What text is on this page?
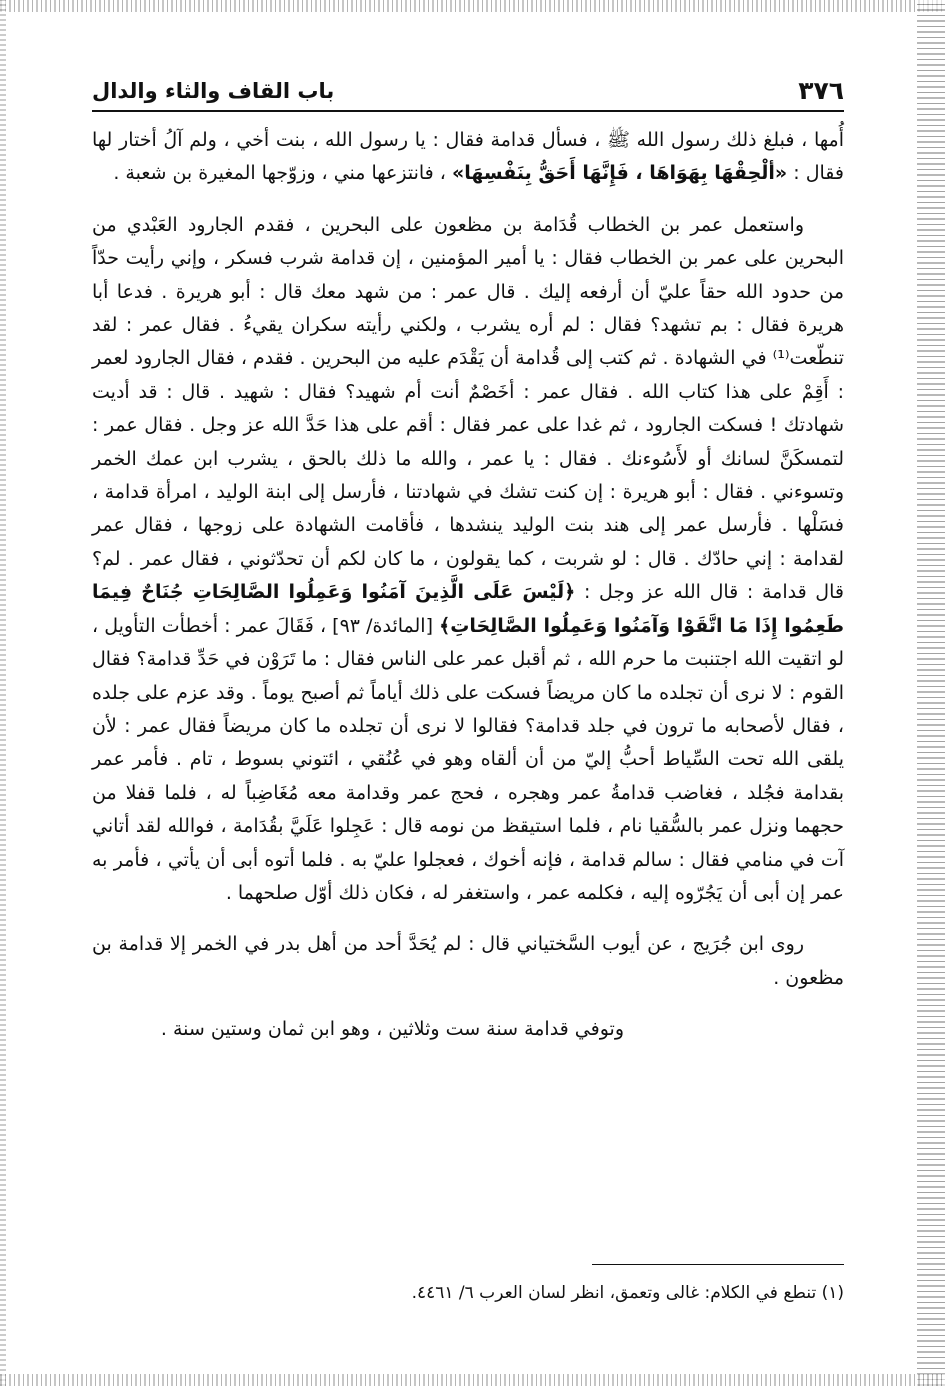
٣٧٦
باب القاف والثاء والدال

أُمها ، فبلغ ذلك رسول الله ﷺ ، فسأل قدامة فقال : يا رسول الله ، بنت أخي ، ولم آلُ أختار لها فقال : «ألْحِقْهَا بِهَوَاهَا ، فَإِنَّهَا أَحَقُّ بِنَفْسِهَا» ، فانتزعها مني ، وزوّجها المغيرة بن شعبة .

واستعمل عمر بن الخطاب قُدَامة بن مظعون على البحرين ، فقدم الجارود العَبْدي من البحرين على عمر بن الخطاب فقال : يا أمير المؤمنين ، إن قدامة شرب فسكر ، وإني رأيت حدّاً من حدود الله حقاً عليّ أن أرفعه إليك . قال عمر : من شهد معك قال : أبو هريرة . فدعا أبا هريرة فقال : بم تشهد؟ فقال : لم أره يشرب ، ولكني رأيته سكران يقيءُ . فقال عمر : لقد تنطّعت⁽¹⁾ في الشهادة . ثم كتب إلى قُدامة أن يَقْدَم عليه من البحرين . فقدم ، فقال الجارود لعمر : أَقِمْ على هذا كتاب الله . فقال عمر : أخَصْمٌ أنت أم شهيد؟ فقال : شهيد . قال : قد أديت شهادتك ! فسكت الجارود ، ثم غدا على عمر فقال : أقم على هذا حَدَّ الله عز وجل . فقال عمر : لتمسكَنَّ لسانك أو لأَسُوءنك . فقال : يا عمر ، والله ما ذلك بالحق ، يشرب ابن عمك الخمر وتسوءني . فقال : أبو هريرة : إن كنت تشك في شهادتنا ، فأرسل إلى ابنة الوليد ، امرأة قدامة ، فسَلْها . فأرسل عمر إلى هند بنت الوليد ينشدها ، فأقامت الشهادة على زوجها ، فقال عمر لقدامة : إني حادّك . قال : لو شربت ، كما يقولون ، ما كان لكم أن تحدّثوني ، فقال عمر . لم؟ قال قدامة : قال الله عز وجل : ﴿لَيْسَ عَلَى الَّذِينَ آمَنُوا وَعَمِلُوا الصَّالِحَاتِ جُنَاحٌ فِيمَا طَعِمُوا إِذَا مَا اتَّقَوْا وَآمَنُوا وَعَمِلُوا الصَّالِحَاتِ﴾ [المائدة/ ٩٣] ، فَقَالَ عمر : أخطأت التأويل ، لو اتقيت الله اجتنبت ما حرم الله ، ثم أقبل عمر على الناس فقال : ما تَرَوْن في حَدِّ قدامة؟ فقال القوم : لا نرى أن تجلده ما كان مريضاً فسكت على ذلك أياماً ثم أصبح يوماً . وقد عزم على جلده ، فقال لأصحابه ما ترون في جلد قدامة؟ فقالوا لا نرى أن تجلده ما كان مريضاً فقال عمر : لأن يلقى الله تحت السِّياط أحبُّ إليّ من أن ألقاه وهو في عُنُقي ، ائتوني بسوط ، تام . فأمر عمر بقدامة فجُلد ، فغاضب قدامةُ عمر وهجره ، فحج عمر وقدامة معه مُغَاضِباً له ، فلما قفلا من حجهما ونزل عمر بالسُّقيا نام ، فلما استيقظ من نومه قال : عَجِلوا عَلَيَّ بقُدَامة ، فوالله لقد أتاني آت في منامي فقال : سالم قدامة ، فإنه أخوك ، فعجلوا عليّ به . فلما أتوه أبى أن يأتي ، فأمر به عمر إن أبى أن يَجُرّوه إليه ، فكلمه عمر ، واستغفر له ، فكان ذلك أوّل صلحهما .

روى ابن جُرَيج ، عن أيوب السَّختياني قال : لم يُحَدَّ أحد من أهل بدر في الخمر إلا قدامة بن مظعون .

وتوفي قدامة سنة ست وثلاثين ، وهو ابن ثمان وستين سنة .

(١) تنطع في الكلام: غالى وتعمق، انظر لسان العرب ٦/ ٤٤٦١.
